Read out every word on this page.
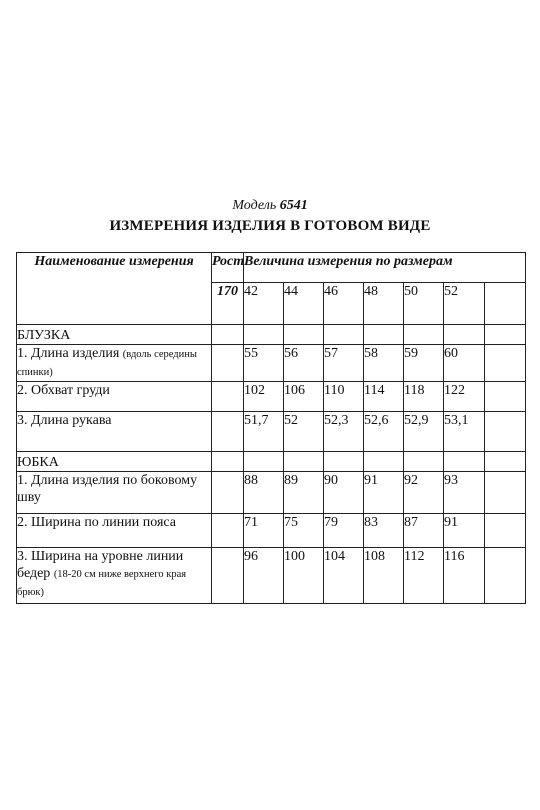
Модель 6541
ИЗМЕРЕНИЯ ИЗДЕЛИЯ В ГОТОВОМ ВИДЕ
Наименование измерения	Рост	Величина измерения по размерам						
	170	42	44	46	48	50	52	
БЛУЗКА								
1. Длина изделия (вдоль середины спинки)		55	56	57	58	59	60	
2. Обхват груди		102	106	110	114	118	122	
3. Длина рукава		51,7	52	52,3	52,6	52,9	53,1	
ЮБКА								
1. Длина изделия по боковому шву		88	89	90	91	92	93	
2. Ширина по линии пояса		71	75	79	83	87	91	
3. Ширина на уровне линии бедер (18-20 см ниже верхнего края брюк)		96	100	104	108	112	116	
